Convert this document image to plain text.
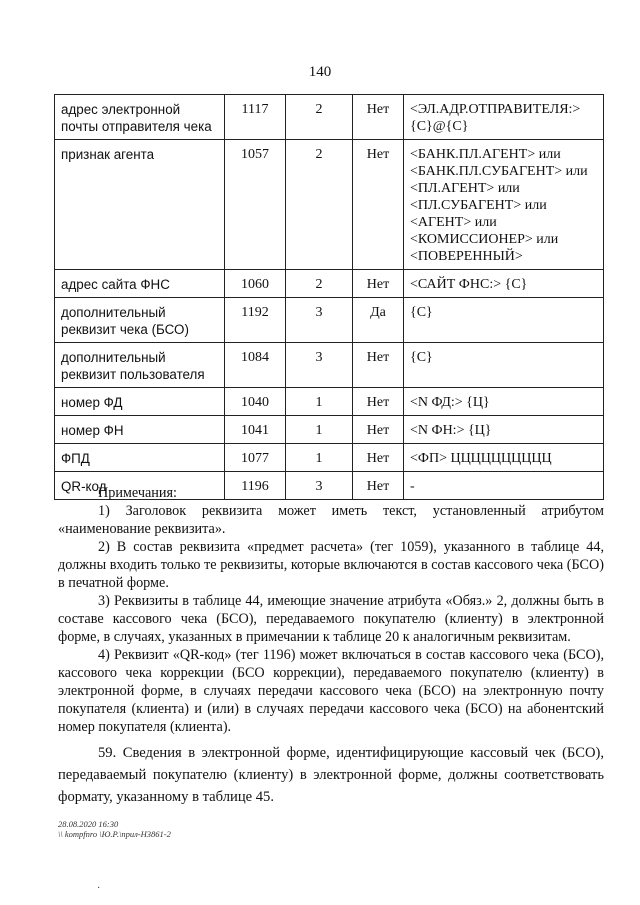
140
адрес электронной почты отправителя чека	1117	2	Нет	<ЭЛ.АДР.ОТПРАВИТЕЛЯ:> {С}@{С}
признак агента	1057	2	Нет	<БАНК.ПЛ.АГЕНТ> или <БАНК.ПЛ.СУБАГЕНТ> или <ПЛ.АГЕНТ> или <ПЛ.СУБАГЕНТ> или <АГЕНТ> или <КОМИССИОНЕР> или <ПОВЕРЕННЫЙ>
адрес сайта ФНС	1060	2	Нет	<САЙТ ФНС:> {С}
дополнительный реквизит чека (БСО)	1192	3	Да	{С}
дополнительный реквизит пользователя	1084	3	Нет	{С}
номер ФД	1040	1	Нет	<N ФД:> {Ц}
номер ФН	1041	1	Нет	<N ФН:> {Ц}
ФПД	1077	1	Нет	<ФП> ЦЦЦЦЦЦЦЦЦЦ
QR-код	1196	3	Нет	-

Примечания:

1) Заголовок реквизита может иметь текст, установленный атрибутом «наименование реквизита».

2) В состав реквизита «предмет расчета» (тег 1059), указанного в таблице 44, должны входить только те реквизиты, которые включаются в состав кассового чека (БСО) в печатной форме.

3) Реквизиты в таблице 44, имеющие значение атрибута «Обяз.» 2, должны быть в составе кассового чека (БСО), передаваемого покупателю (клиенту) в электронной форме, в случаях, указанных в примечании к таблице 20 к аналогичным реквизитам.

4) Реквизит «QR-код» (тег 1196) может включаться в состав кассового чека (БСО), кассового чека коррекции (БСО коррекции), передаваемого покупателю (клиенту) в электронной форме, в случаях передачи кассового чека (БСО) на электронную почту покупателя (клиента) и (или) в случаях передачи кассового чека (БСО) на абонентский номер покупателя (клиента).

59. Сведения в электронной форме, идентифицирующие кассовый чек (БСО), передаваемый покупателю (клиенту) в электронной форме, должны соответствовать формату, указанному в таблице 45.

28.08.2020 16:30
\\ kompfnro \Ю.Р.\прил-Н3861-2
·
